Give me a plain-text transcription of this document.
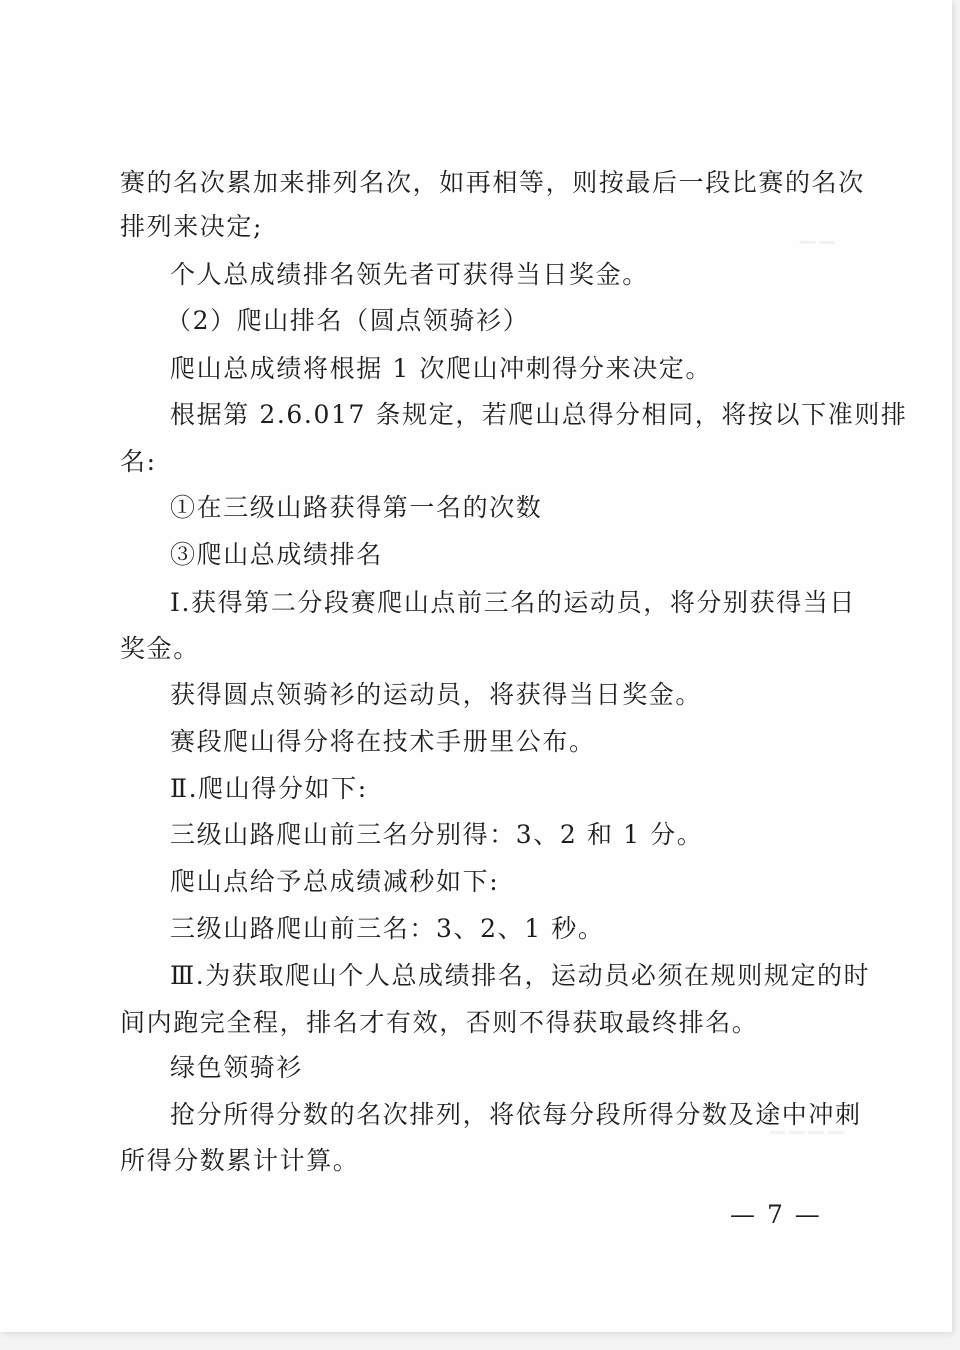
赛的名次累加来排列名次，如再相等，则按最后一段比赛的名次
排列来决定;
个人总成绩排名领先者可获得当日奖金。
（2）爬山排名（圆点领骑衫）
爬山总成绩将根据 1 次爬山冲刺得分来决定。
根据第 2.6.017 条规定，若爬山总得分相同，将按以下准则排
名:
①在三级山路获得第一名的次数
③爬山总成绩排名
Ⅰ.获得第二分段赛爬山点前三名的运动员，将分别获得当日
奖金。
获得圆点领骑衫的运动员，将获得当日奖金。
赛段爬山得分将在技术手册里公布。
Ⅱ.爬山得分如下:
三级山路爬山前三名分别得：3、2 和 1 分。
爬山点给予总成绩减秒如下:
三级山路爬山前三名：3、2、1 秒。
Ⅲ.为获取爬山个人总成绩排名，运动员必须在规则规定的时
间内跑完全程，排名才有效，否则不得获取最终排名。
绿色领骑衫
抢分所得分数的名次排列，将依每分段所得分数及途中冲刺
所得分数累计计算。
— 7 —
